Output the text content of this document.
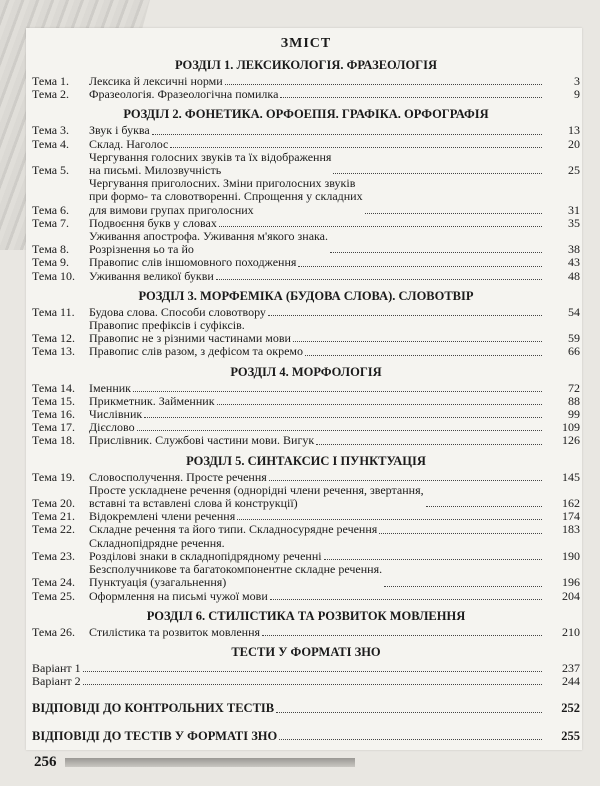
ЗМІСТ
РОЗДІЛ 1. ЛЕКСИКОЛОГІЯ. ФРАЗЕОЛОГІЯ
Тема 1.	Лексика й лексичні норми	3
Тема 2.	Фразеологія. Фразеологічна помилка	9
РОЗДІЛ 2. ФОНЕТИКА. ОРФОЕПІЯ. ГРАФІКА. ОРФОГРАФІЯ
Тема 3.	Звук і буква	13
Тема 4.	Склад. Наголос	20
Тема 5.
Чергування голосних звуків та їх відображення
на письмі. Милозвучність	25
Тема 6.
Чергування приголосних. Зміни приголосних звуків
при формо- та словотворенні. Спрощення у складних
для вимови групах приголосних	31
Тема 7.	Подвоєння букв у словах	35
Тема 8.
Уживання апострофа. Уживання м'якого знака.
Розрізнення ьо та йо	38
Тема 9.	Правопис слів іншомовного походження	43
Тема 10.	Уживання великої букви	48
РОЗДІЛ 3. МОРФЕМІКА (БУДОВА СЛОВА). СЛОВОТВІР
Тема 11.	Будова слова. Способи словотвору	54
Тема 12.
Правопис префіксів і суфіксів.
Правопис не з різними частинами мови	59
Тема 13.	Правопис слів разом, з дефісом та окремо	66
РОЗДІЛ 4. МОРФОЛОГІЯ
Тема 14.	Іменник	72
Тема 15.	Прикметник. Займенник	88
Тема 16.	Числівник	99
Тема 17.	Дієслово	109
Тема 18.	Прислівник. Службові частини мови. Вигук	126
РОЗДІЛ 5. СИНТАКСИС І ПУНКТУАЦІЯ
Тема 19.	Словосполучення. Просте речення	145
Тема 20.
Просте ускладнене речення (однорідні члени речення, звертання,
вставні та вставлені слова й конструкції)	162
Тема 21.	Відокремлені члени речення	174
Тема 22.	Складне речення та його типи. Складносурядне речення	183
Тема 23.
Складнопідрядне речення.
Розділові знаки в складнопідрядному реченні	190
Тема 24.
Безсполучникове та багатокомпонентне складне речення.
Пунктуація (узагальнення)	196
Тема 25.	Оформлення на письмі чужої мови	204
РОЗДІЛ 6. СТИЛІСТИКА ТА РОЗВИТОК МОВЛЕННЯ
Тема 26.	Стилістика та розвиток мовлення	210
ТЕСТИ У ФОРМАТІ ЗНО
Варіант 1	237
Варіант 2	244
ВІДПОВІДІ ДО КОНТРОЛЬНИХ ТЕСТІВ	252
ВІДПОВІДІ ДО ТЕСТІВ У ФОРМАТІ ЗНО	255
256
